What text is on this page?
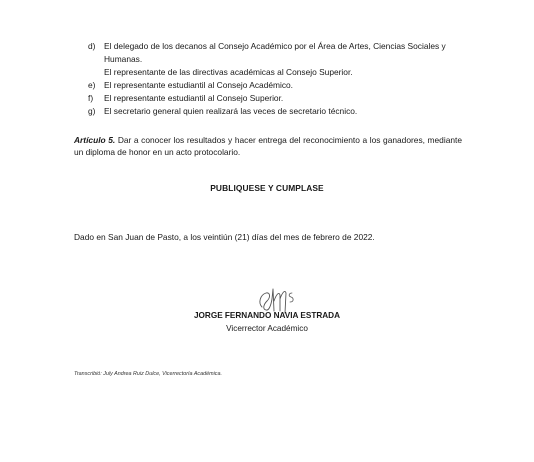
d) El delegado de los decanos al Consejo Académico por el Área de Artes, Ciencias Sociales y
Humanas.
El representante de las directivas académicas al Consejo Superior.
e) El representante estudiantil al Consejo Académico.
f) El representante estudiantil al Consejo Superior.
g) El secretario general quien realizará las veces de secretario técnico.
Artículo 5. Dar a conocer los resultados y hacer entrega del reconocimiento a los ganadores, mediante un diploma de honor en un acto protocolario.
PUBLIQUESE Y CUMPLASE
Dado en San Juan de Pasto, a los veintiún (21) días del mes de febrero de 2022.
JORGE FERNANDO NAVIA ESTRADA
Vicerrector Académico
Transcribió: July Andrea Ruiz Dulce, Vicerrectoría Académica.
